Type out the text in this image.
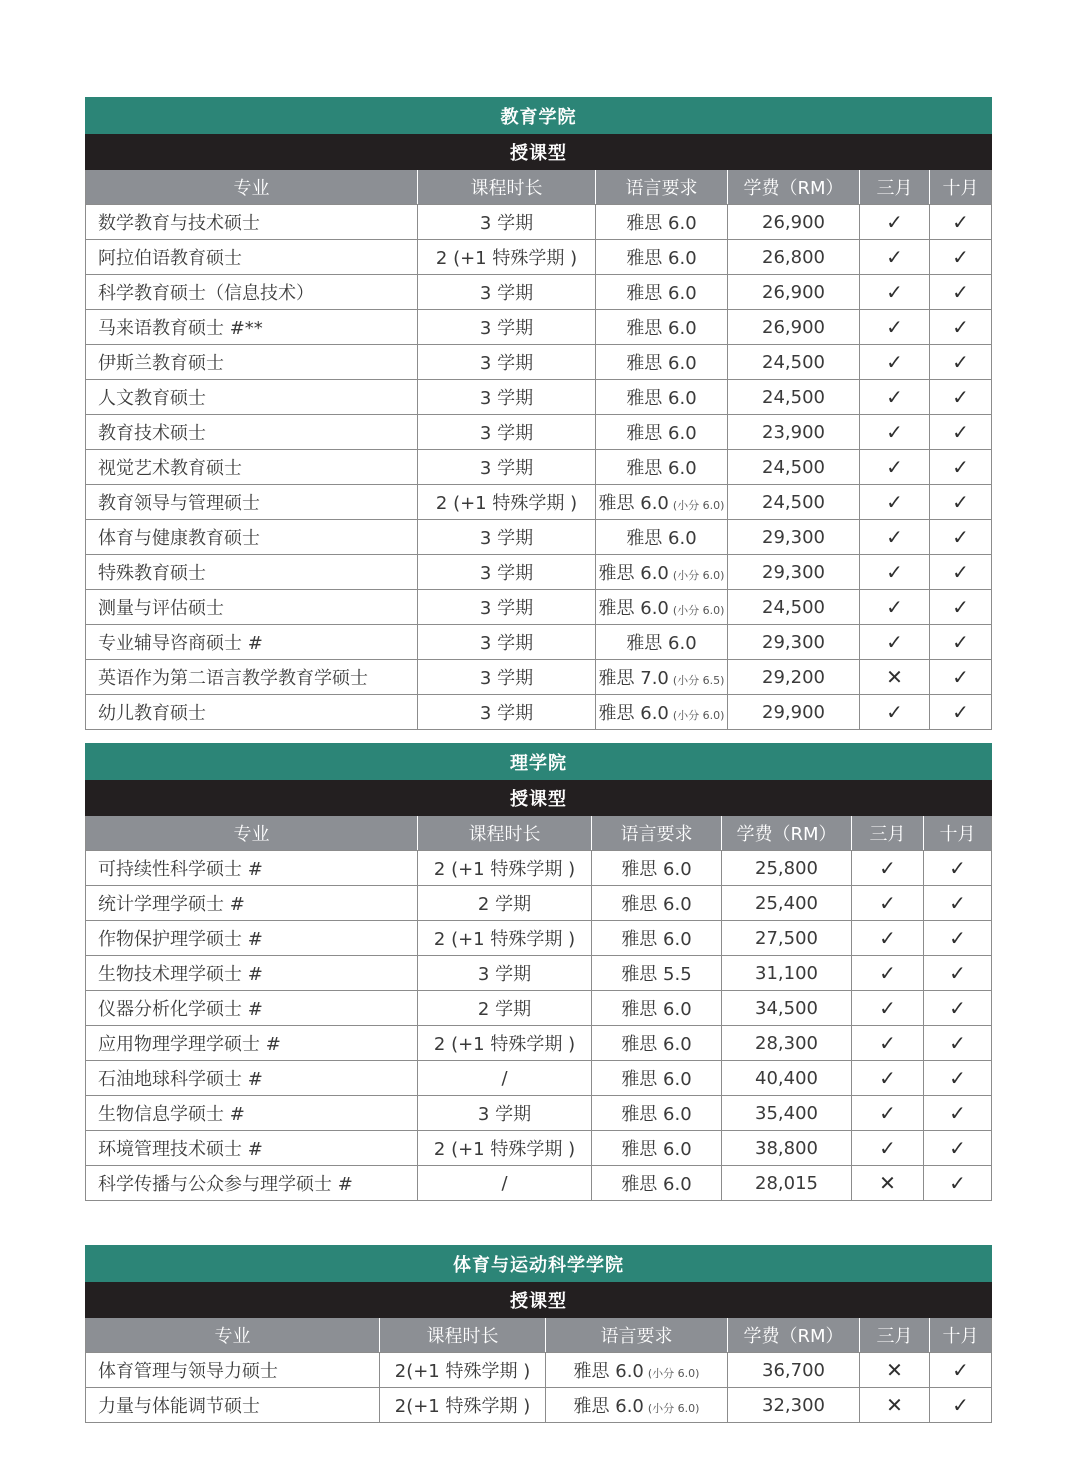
教育学院					
授课型					
专业	课程时长	语言要求	学费（RM）	三月	十月
数学教育与技术硕士	3 学期	雅思 6.0	26,900	✓	✓
阿拉伯语教育硕士	2 (+1 特殊学期 )	雅思 6.0	26,800	✓	✓
科学教育硕士（信息技术）	3 学期	雅思 6.0	26,900	✓	✓
马来语教育硕士 #**	3 学期	雅思 6.0	26,900	✓	✓
伊斯兰教育硕士	3 学期	雅思 6.0	24,500	✓	✓
人文教育硕士	3 学期	雅思 6.0	24,500	✓	✓
教育技术硕士	3 学期	雅思 6.0	23,900	✓	✓
视觉艺术教育硕士	3 学期	雅思 6.0	24,500	✓	✓
教育领导与管理硕士	2 (+1 特殊学期 )	雅思 6.0 (小分 6.0)	24,500	✓	✓
体育与健康教育硕士	3 学期	雅思 6.0	29,300	✓	✓
特殊教育硕士	3 学期	雅思 6.0 (小分 6.0)	29,300	✓	✓
测量与评估硕士	3 学期	雅思 6.0 (小分 6.0)	24,500	✓	✓
专业辅导咨商硕士 #	3 学期	雅思 6.0	29,300	✓	✓
英语作为第二语言教学教育学硕士	3 学期	雅思 7.0 (小分 6.5)	29,200	✕	✓
幼儿教育硕士	3 学期	雅思 6.0 (小分 6.0)	29,900	✓	✓
理学院					
授课型					
专业	课程时长	语言要求	学费（RM）	三月	十月
可持续性科学硕士 #	2 (+1 特殊学期 )	雅思 6.0	25,800	✓	✓
统计学理学硕士 #	2 学期	雅思 6.0	25,400	✓	✓
作物保护理学硕士 #	2 (+1 特殊学期 )	雅思 6.0	27,500	✓	✓
生物技术理学硕士 #	3 学期	雅思 5.5	31,100	✓	✓
仪器分析化学硕士 #	2 学期	雅思 6.0	34,500	✓	✓
应用物理学理学硕士 #	2 (+1 特殊学期 )	雅思 6.0	28,300	✓	✓
石油地球科学硕士 #	/	雅思 6.0	40,400	✓	✓
生物信息学硕士 #	3 学期	雅思 6.0	35,400	✓	✓
环境管理技术硕士 #	2 (+1 特殊学期 )	雅思 6.0	38,800	✓	✓
科学传播与公众参与理学硕士 #	/	雅思 6.0	28,015	✕	✓
体育与运动科学学院					
授课型					
专业	课程时长	语言要求	学费（RM）	三月	十月
体育管理与领导力硕士	2(+1 特殊学期 )	雅思 6.0 (小分 6.0)	36,700	✕	✓
力量与体能调节硕士	2(+1 特殊学期 )	雅思 6.0 (小分 6.0)	32,300	✕	✓
